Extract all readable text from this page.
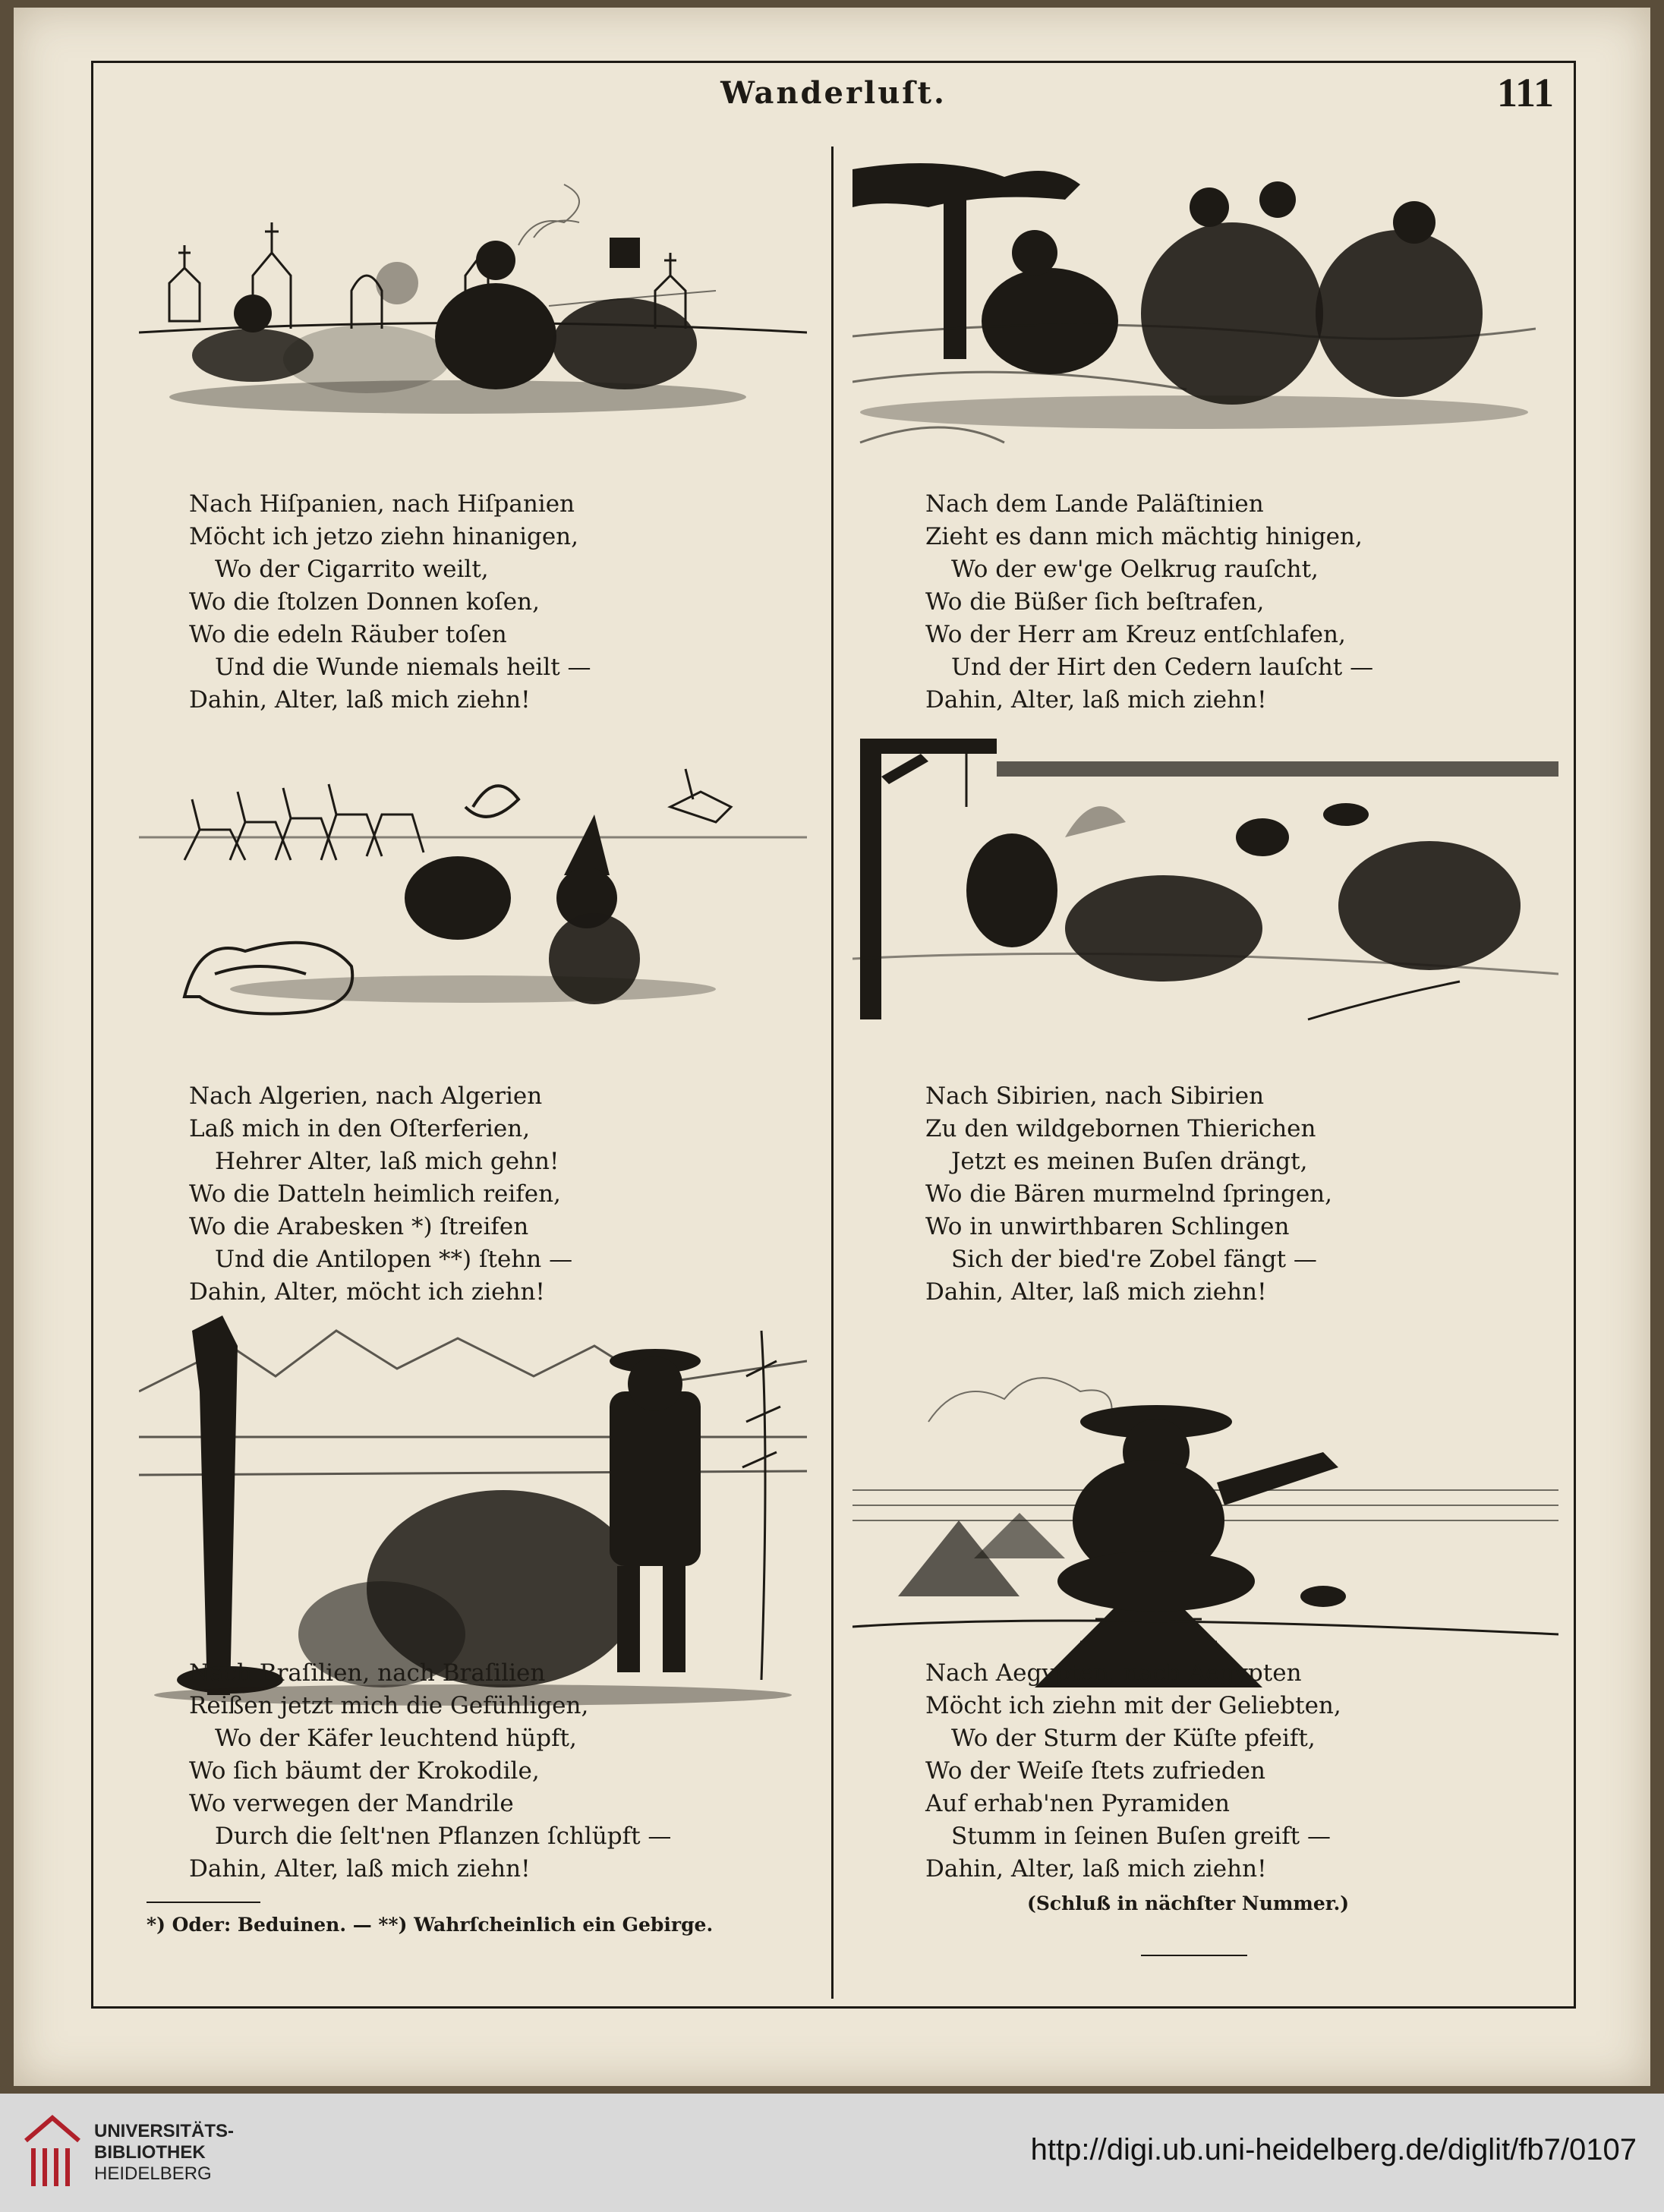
Wanderluſt.	111
Nach Hiſpanien, nach Hiſpanien
Möcht ich jetzo ziehn hinanigen,
Wo der Cigarrito weilt,
Wo die ſtolzen Donnen koſen,
Wo die edeln Räuber toſen
Und die Wunde niemals heilt —
Dahin, Alter, laß mich ziehn!
Nach Algerien, nach Algerien
Laß mich in den Oſterferien,
Hehrer Alter, laß mich gehn!
Wo die Datteln heimlich reifen,
Wo die Arabesken *) ſtreifen
Und die Antilopen **) ſtehn —
Dahin, Alter, möcht ich ziehn!
Nach Braſilien, nach Braſilien
Reißen jetzt mich die Gefühligen,
Wo der Käfer leuchtend hüpft,
Wo ſich bäumt der Krokodile,
Wo verwegen der Mandrile
Durch die ſelt'nen Pflanzen ſchlüpft —
Dahin, Alter, laß mich ziehn!
Nach dem Lande Paläſtinien
Zieht es dann mich mächtig hinigen,
Wo der ew'ge Oelkrug rauſcht,
Wo die Büßer ſich beſtrafen,
Wo der Herr am Kreuz entſchlafen,
Und der Hirt den Cedern lauſcht —
Dahin, Alter, laß mich ziehn!
Nach Sibirien, nach Sibirien
Zu den wildgebornen Thierichen
Jetzt es meinen Buſen drängt,
Wo die Bären murmelnd ſpringen,
Wo in unwirthbaren Schlingen
Sich der bied're Zobel fängt —
Dahin, Alter, laß mich ziehn!
Nach Aegypten, nach Aegypten
Möcht ich ziehn mit der Geliebten,
Wo der Sturm der Küſte pfeift,
Wo der Weiſe ſtets zufrieden
Auf erhab'nen Pyramiden
Stumm in ſeinen Buſen greift —
Dahin, Alter, laß mich ziehn!
*) Oder: Beduinen. — **) Wahrſcheinlich ein Gebirge.
(Schluß in nächſter Nummer.)
UNIVERSITÄTS-
BIBLIOTHEK
HEIDELBERG
http://digi.ub.uni-heidelberg.de/diglit/fb7/0107
